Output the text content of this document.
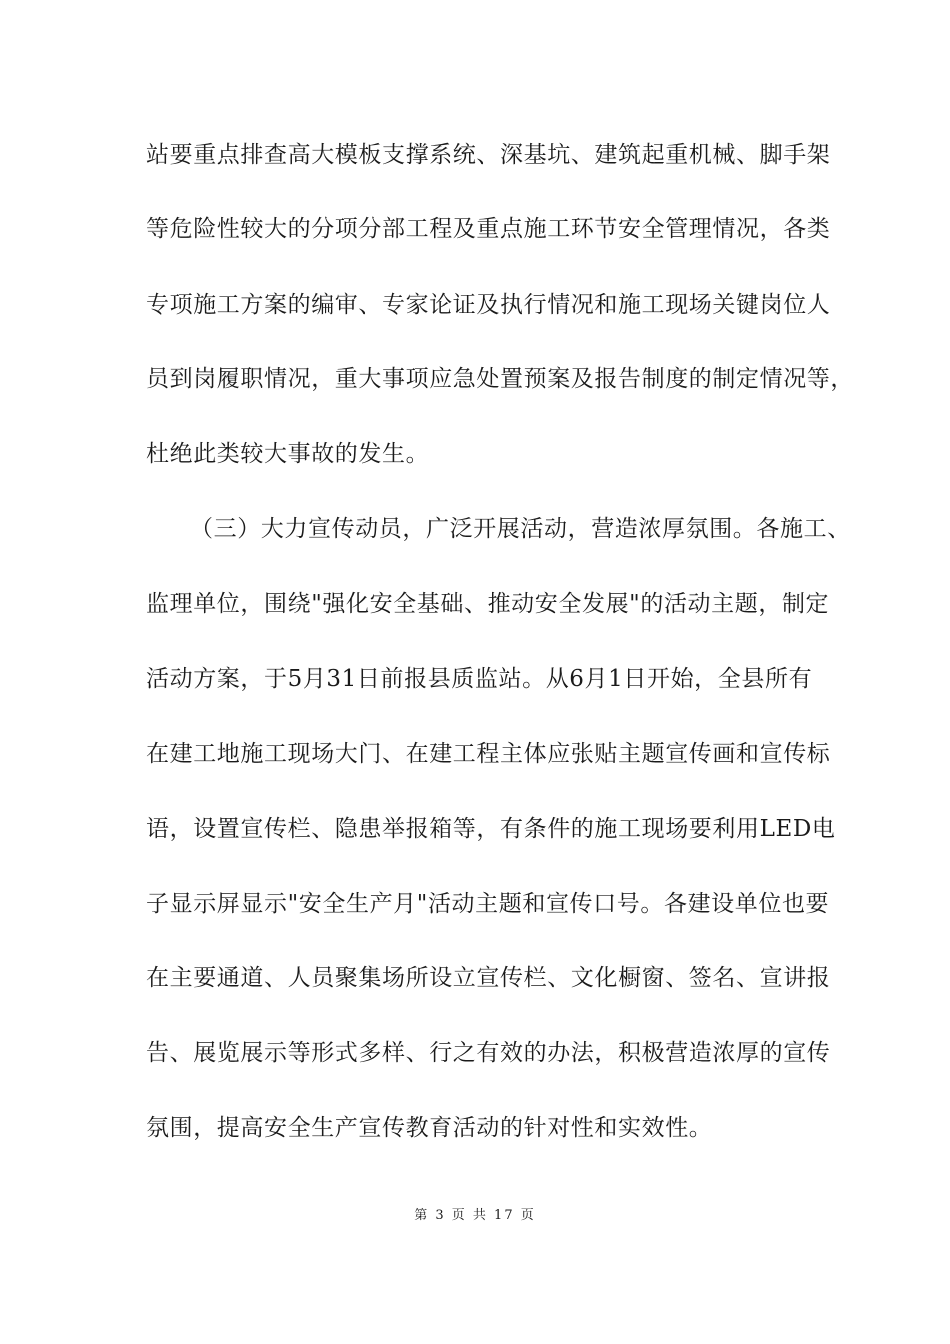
站要重点排查高大模板支撑系统、深基坑、建筑起重机械、脚手架
等危险性较大的分项分部工程及重点施工环节安全管理情况，各类
专项施工方案的编审、专家论证及执行情况和施工现场关键岗位人
员到岗履职情况，重大事项应急处置预案及报告制度的制定情况等，
杜绝此类较大事故的发生。
（三）大力宣传动员，广泛开展活动，营造浓厚氛围。各施工、
监理单位，围绕"强化安全基础、推动安全发展"的活动主题，制定
活动方案，于5月31日前报县质监站。从6月1日开始，全县所有
在建工地施工现场大门、在建工程主体应张贴主题宣传画和宣传标
语，设置宣传栏、隐患举报箱等，有条件的施工现场要利用LED电
子显示屏显示"安全生产月"活动主题和宣传口号。各建设单位也要
在主要通道、人员聚集场所设立宣传栏、文化橱窗、签名、宣讲报
告、展览展示等形式多样、行之有效的办法，积极营造浓厚的宣传
氛围，提高安全生产宣传教育活动的针对性和实效性。
第 3 页 共 17 页
